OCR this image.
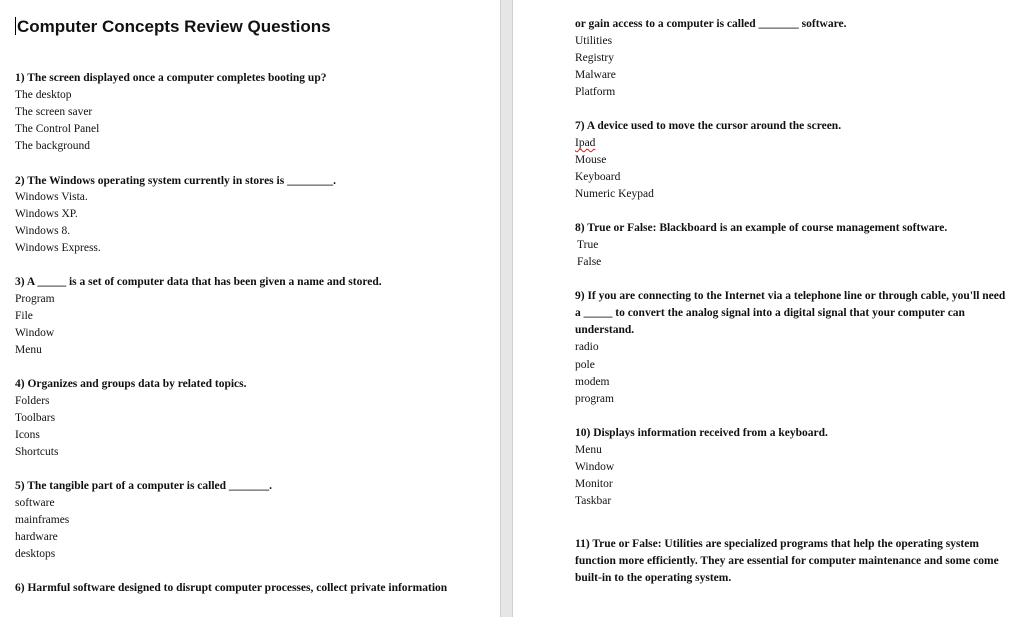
Computer Concepts Review Questions
1) The screen displayed once a computer completes booting up?
The desktop
The screen saver
The Control Panel
The background
2) The Windows operating system currently in stores is ________.
Windows Vista.
Windows XP.
Windows 8.
Windows Express.
3) A _____ is a set of computer data that has been given a name and stored.
Program
File
Window
Menu
4) Organizes and groups data by related topics.
Folders
Toolbars
Icons
Shortcuts
5) The tangible part of a computer is called _______.
software
mainframes
hardware
desktops
6) Harmful software designed to disrupt computer processes, collect private information
or gain access to a computer is called _______ software.
Utilities
Registry
Malware
Platform
7) A device used to move the cursor around the screen.
Ipad
Mouse
Keyboard
Numeric Keypad
8) True or False: Blackboard is an example of course management software.
True
False
9) If you are connecting to the Internet via a telephone line or through cable, you'll need
a _____ to convert the analog signal into a digital signal that your computer can
understand.
radio
pole
modem
program
10) Displays information received from a keyboard.
Menu
Window
Monitor
Taskbar
11) True or False: Utilities are specialized programs that help the operating system
function more efficiently. They are essential for computer maintenance and some come
built-in to the operating system.
